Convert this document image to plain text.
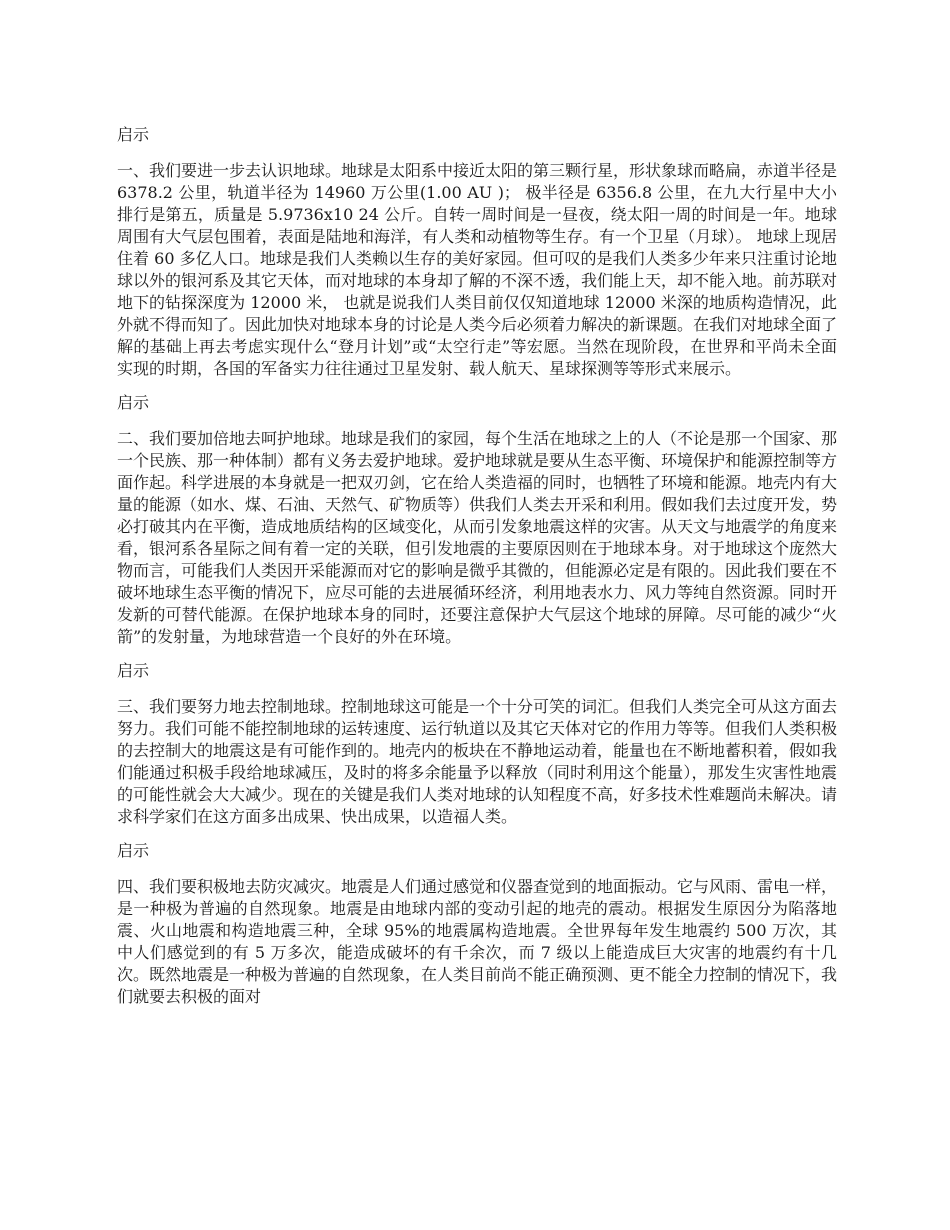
启示
一、我们要进一步去认识地球。地球是太阳系中接近太阳的第三颗行星，形状象球而略扁，赤道半径是 6378.2 公里，轨道半径为 14960 万公里(1.00 AU )； 极半径是 6356.8 公里，在九大行星中大小排行是第五，质量是 5.9736x10 24 公斤。自转一周时间是一昼夜，绕太阳一周的时间是一年。地球周围有大气层包围着，表面是陆地和海洋，有人类和动植物等生存。有一个卫星（月球）。 地球上现居住着 60 多亿人口。地球是我们人类赖以生存的美好家园。但可叹的是我们人类多少年来只注重讨论地球以外的银河系及其它天体，而对地球的本身却了解的不深不透，我们能上天，却不能入地。前苏联对地下的钻探深度为 12000 米， 也就是说我们人类目前仅仅知道地球 12000 米深的地质构造情况，此外就不得而知了。因此加快对地球本身的讨论是人类今后必须着力解决的新课题。在我们对地球全面了解的基础上再去考虑实现什么“登月计划”或“太空行走”等宏愿。当然在现阶段，在世界和平尚未全面实现的时期，各国的军备实力往往通过卫星发射、载人航天、星球探测等等形式来展示。
启示
二、我们要加倍地去呵护地球。地球是我们的家园，每个生活在地球之上的人（不论是那一个国家、那一个民族、那一种体制）都有义务去爱护地球。爱护地球就是要从生态平衡、环境保护和能源控制等方面作起。科学进展的本身就是一把双刃剑，它在给人类造福的同时，也牺牲了环境和能源。地壳内有大量的能源（如水、煤、石油、天然气、矿物质等）供我们人类去开采和利用。假如我们去过度开发，势必打破其内在平衡，造成地质结构的区域变化，从而引发象地震这样的灾害。从天文与地震学的角度来看，银河系各星际之间有着一定的关联，但引发地震的主要原因则在于地球本身。对于地球这个庞然大物而言，可能我们人类因开采能源而对它的影响是微乎其微的，但能源必定是有限的。因此我们要在不破坏地球生态平衡的情况下，应尽可能的去进展循环经济，利用地表水力、风力等纯自然资源。同时开发新的可替代能源。在保护地球本身的同时，还要注意保护大气层这个地球的屏障。尽可能的减少“火箭”的发射量，为地球营造一个良好的外在环境。
启示
三、我们要努力地去控制地球。控制地球这可能是一个十分可笑的词汇。但我们人类完全可从这方面去努力。我们可能不能控制地球的运转速度、运行轨道以及其它天体对它的作用力等等。但我们人类积极的去控制大的地震这是有可能作到的。地壳内的板块在不静地运动着，能量也在不断地蓄积着，假如我们能通过积极手段给地球减压，及时的将多余能量予以释放（同时利用这个能量），那发生灾害性地震的可能性就会大大减少。现在的关键是我们人类对地球的认知程度不高，好多技术性难题尚未解决。请求科学家们在这方面多出成果、快出成果，以造福人类。
启示
四、我们要积极地去防灾减灾。地震是人们通过感觉和仪器查觉到的地面振动。它与风雨、雷电一样，是一种极为普遍的自然现象。地震是由地球内部的变动引起的地壳的震动。根据发生原因分为陷落地震、火山地震和构造地震三种，全球 95%的地震属构造地震。全世界每年发生地震约 500 万次，其中人们感觉到的有 5 万多次，能造成破坏的有千余次，而 7 级以上能造成巨大灾害的地震约有十几次。既然地震是一种极为普遍的自然现象，在人类目前尚不能正确预测、更不能全力控制的情况下，我们就要去积极的面对
